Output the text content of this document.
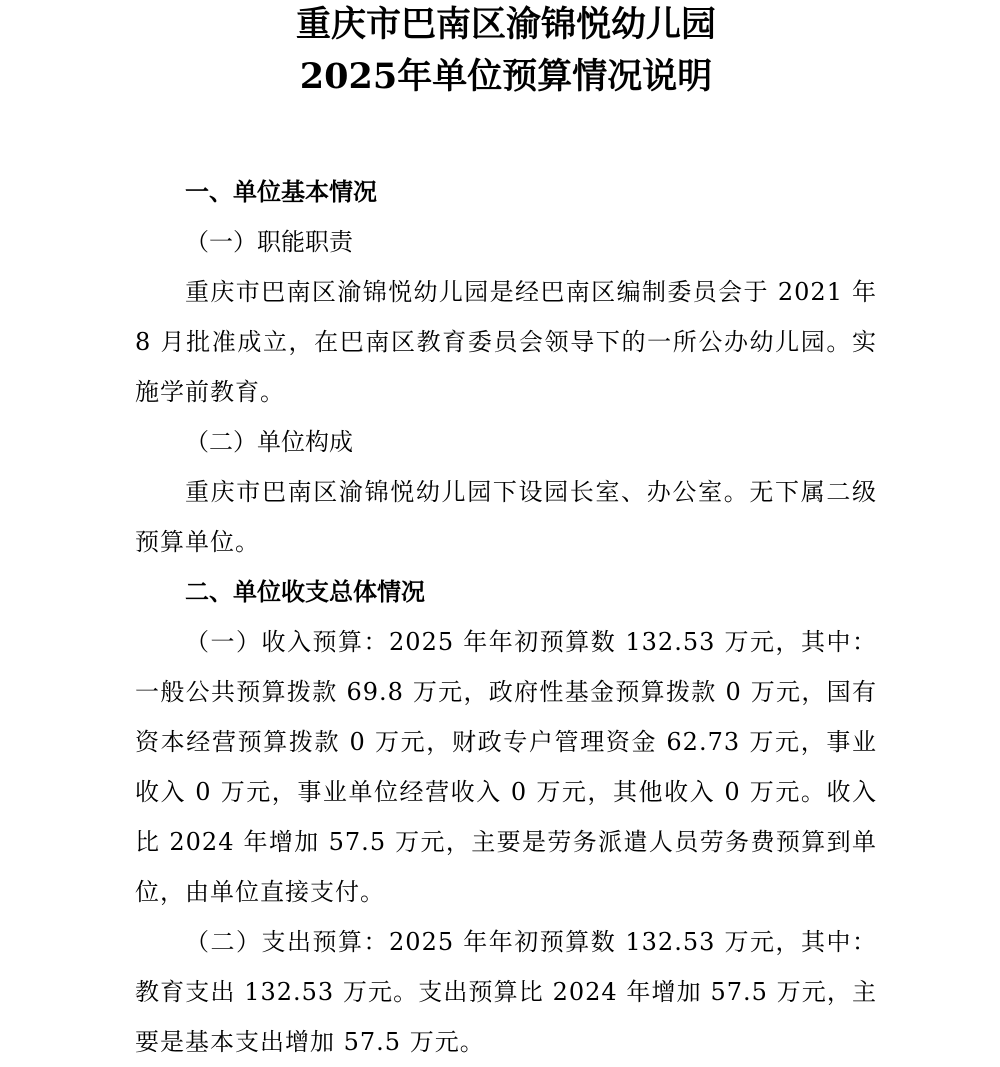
重庆市巴南区渝锦悦幼儿园
2025年单位预算情况说明

一、单位基本情况

（一）职能职责

重庆市巴南区渝锦悦幼儿园是经巴南区编制委员会于 2021 年 8 月批准成立，在巴南区教育委员会领导下的一所公办幼儿园。实施学前教育。

（二）单位构成

重庆市巴南区渝锦悦幼儿园下设园长室、办公室。无下属二级预算单位。

二、单位收支总体情况

（一）收入预算：2025 年年初预算数 132.53 万元，其中：一般公共预算拨款 69.8 万元，政府性基金预算拨款 0 万元，国有资本经营预算拨款 0 万元，财政专户管理资金 62.73 万元，事业收入 0 万元，事业单位经营收入 0 万元，其他收入 0 万元。收入比 2024 年增加 57.5 万元，主要是劳务派遣人员劳务费预算到单位，由单位直接支付。

（二）支出预算：2025 年年初预算数 132.53 万元，其中：教育支出 132.53 万元。支出预算比 2024 年增加 57.5 万元，主要是基本支出增加 57.5 万元。
